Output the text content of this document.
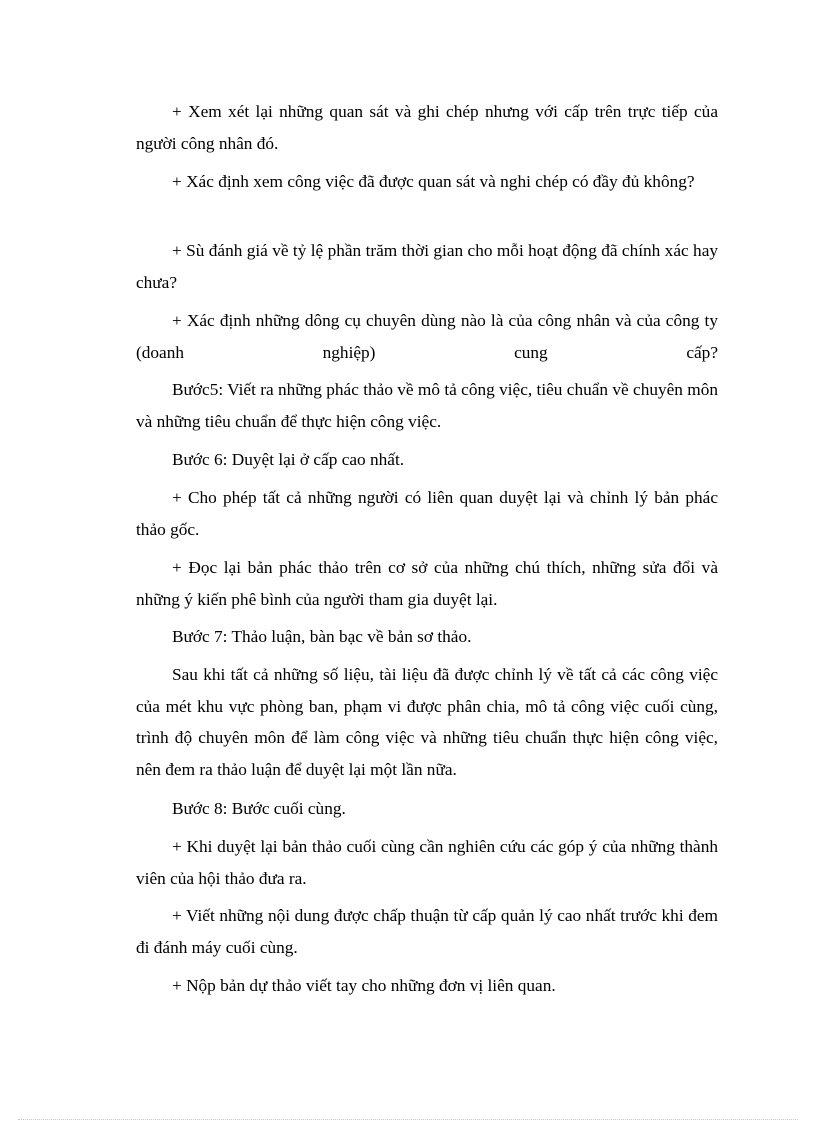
+ Xem xét lại những quan sát và ghi chép nhưng với cấp trên trực tiếp của người công nhân đó.

+ Xác định xem công việc đã được quan sát và nghi chép có đầy đủ không?

+ Sù đánh giá về tỷ lệ phần trăm thời gian cho mỗi hoạt động đã chính xác hay chưa?

+ Xác định những dông cụ chuyên dùng nào là của công nhân và của công ty (doanh nghiệp) cung cấp?

Bước5: Viết ra những phác thảo về mô tả công việc, tiêu chuẩn về chuyên môn và những tiêu chuẩn để thực hiện công việc.

Bước 6: Duyệt lại ở cấp cao nhất.

+ Cho phép tất cả những người có liên quan duyệt lại và chỉnh lý bản phác thảo gốc.

+ Đọc lại bản phác thảo trên cơ sở của những chú thích, những sửa đổi và những ý kiến phê bình của người tham gia duyệt lại.

Bước 7: Thảo luận, bàn bạc về bản sơ thảo.

Sau khi tất cả những số liệu, tài liệu đã được chỉnh lý về tất cả các công việc của mét khu vực phòng ban, phạm vi được phân chia, mô tả công việc cuối cùng, trình độ chuyên môn để làm công việc và những tiêu chuẩn thực hiện công việc, nên đem ra thảo luận để duyệt lại một lần nữa.

Bước 8: Bước cuối cùng.

+ Khi duyệt lại bản thảo cuối cùng cần nghiên cứu các góp ý của những thành viên của hội thảo đưa ra.

+ Viết những nội dung được chấp thuận từ cấp quản lý cao nhất trước khi đem đi đánh máy cuối cùng.

+ Nộp bản dự thảo viết tay cho những đơn vị liên quan.
